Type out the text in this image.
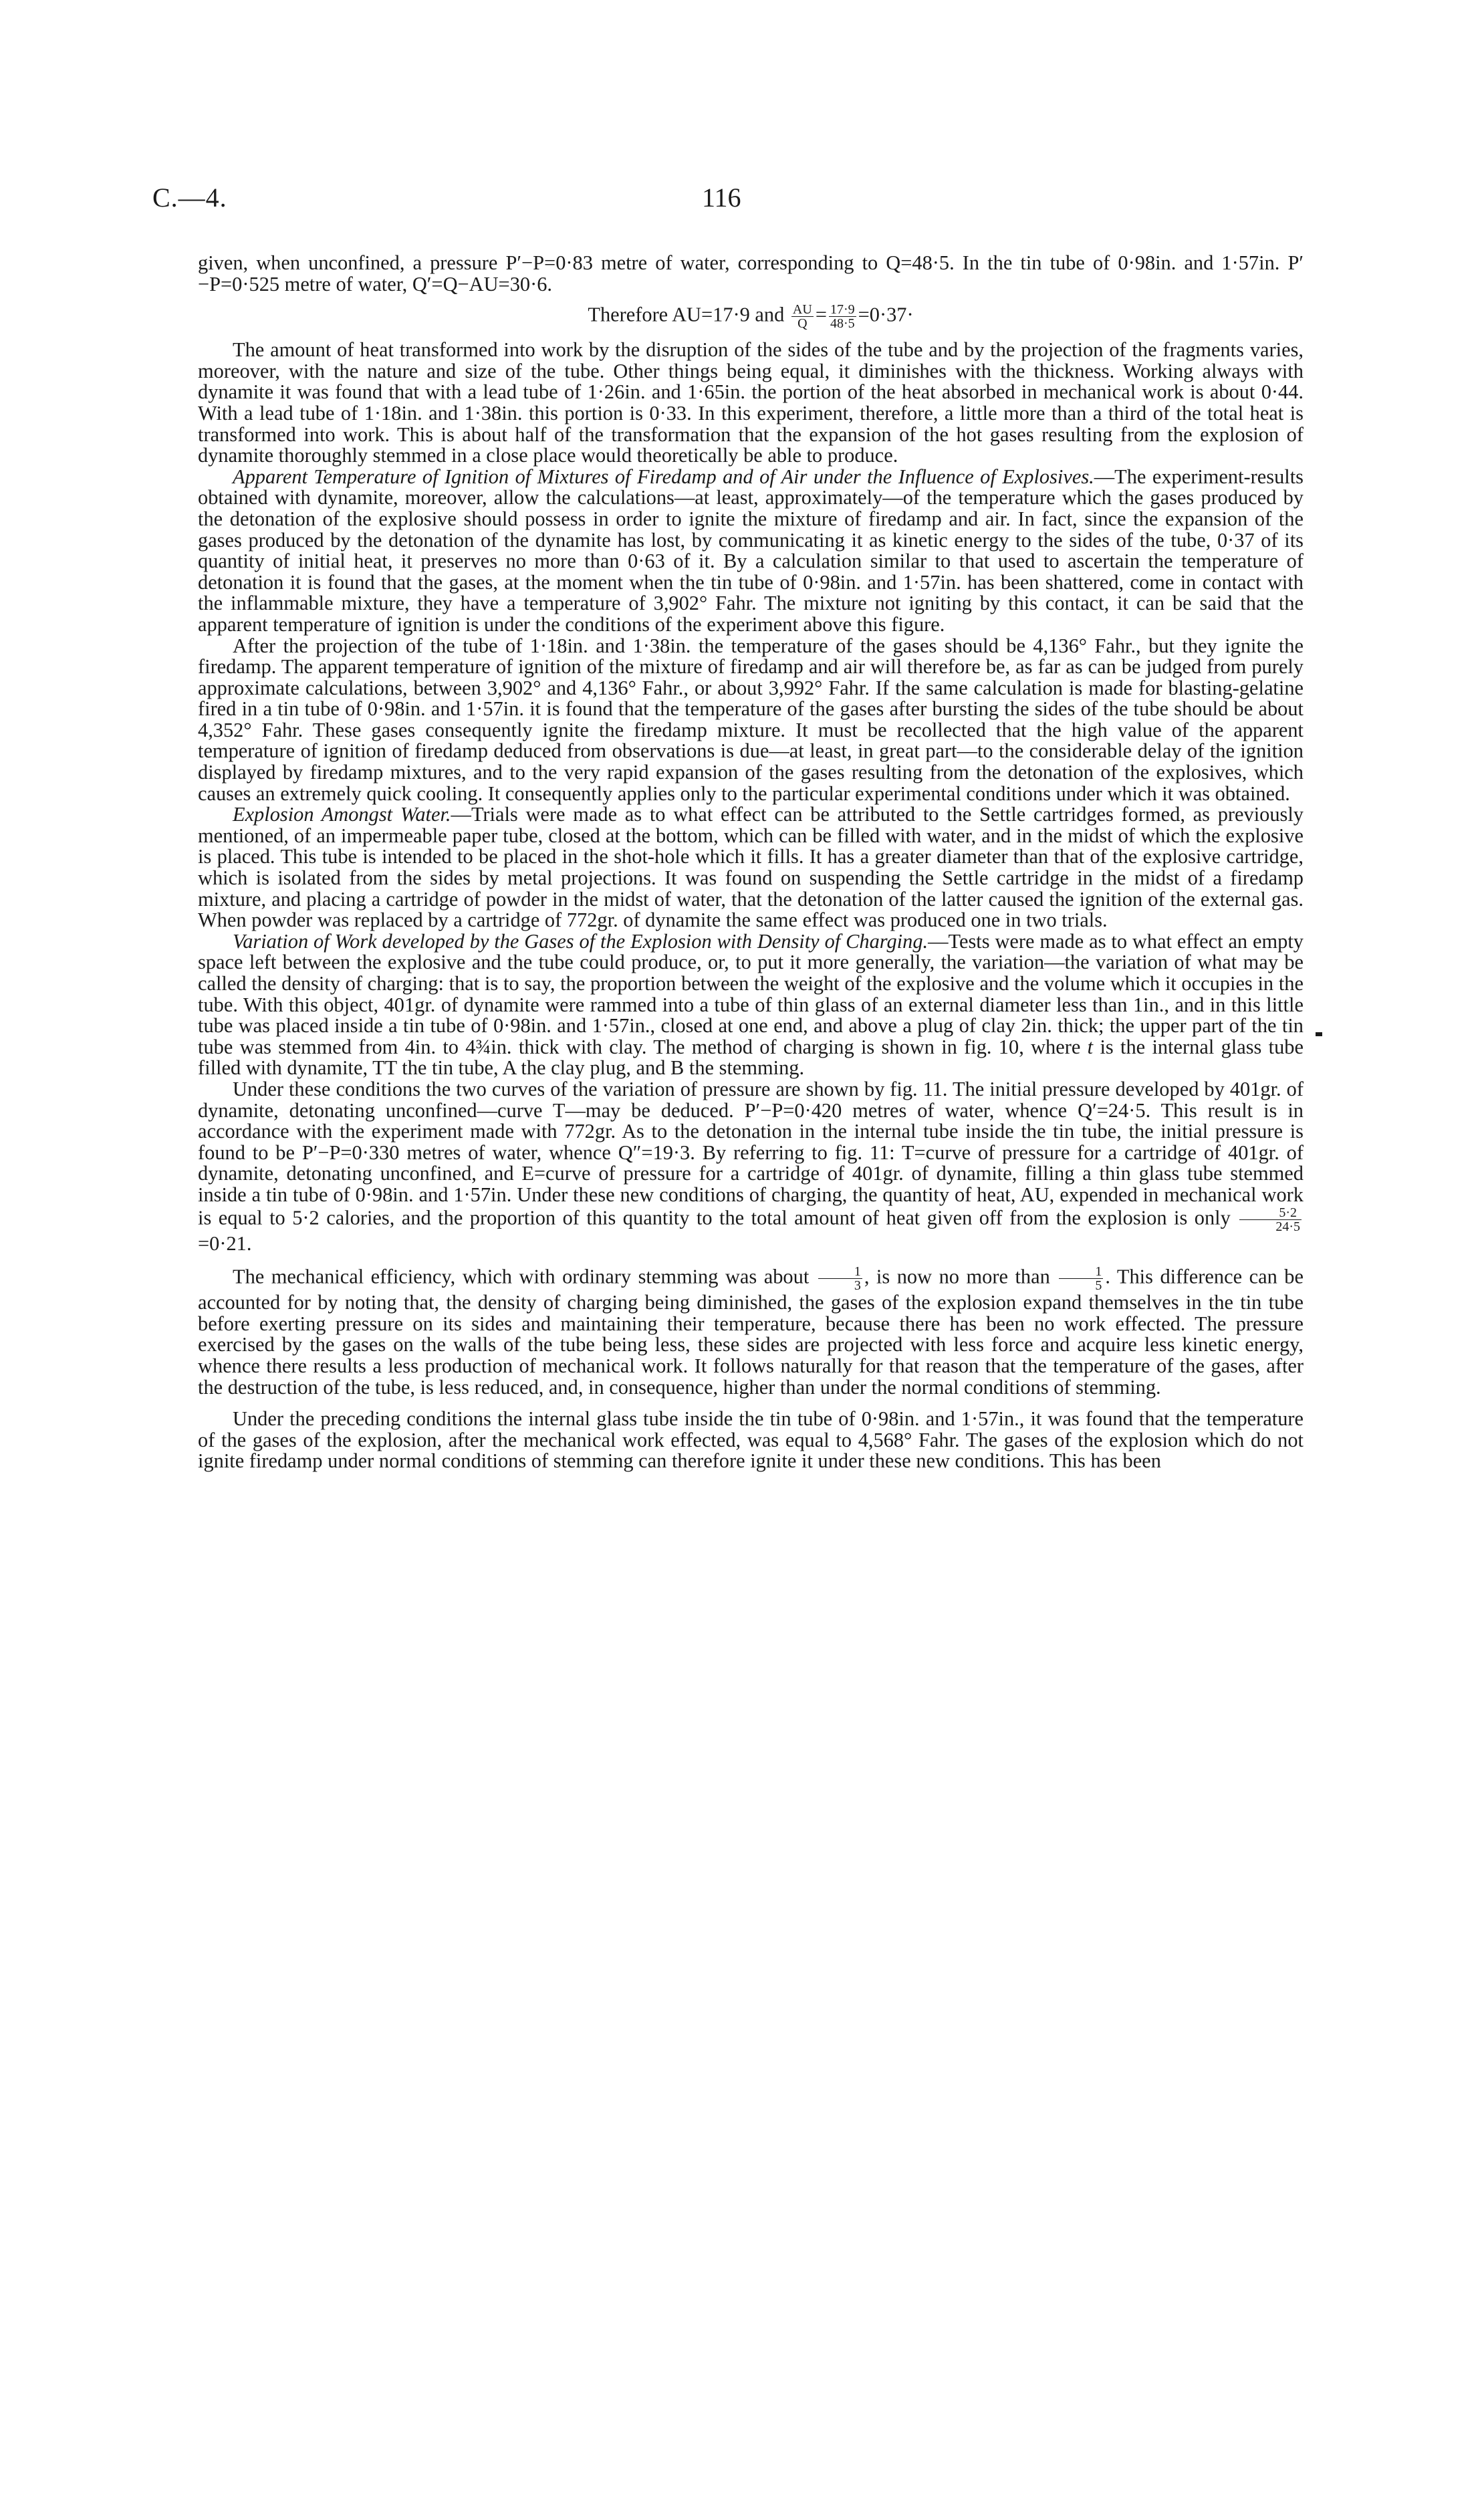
C.—4.	116

given, when unconfined, a pressure P′−P=0·83 metre of water, corresponding to Q=48·5. In the tin tube of 0·98in. and 1·57in. P′−P=0·525 metre of water, Q′=Q−AU=30·6.

Therefore AU=17·9 and $\frac{AU}{Q} = \frac{17\cdot 9}{48\cdot 5} =0\cdot 37\cdot$

The amount of heat transformed into work by the disruption of the sides of the tube and by the projection of the fragments varies, moreover, with the nature and size of the tube. Other things being equal, it diminishes with the thickness. Working always with dynamite it was found that with a lead tube of 1·26in. and 1·65in. the portion of the heat absorbed in mechanical work is about 0·44. With a lead tube of 1·18in. and 1·38in. this portion is 0·33. In this experiment, therefore, a little more than a third of the total heat is transformed into work. This is about half of the transformation that the expansion of the hot gases resulting from the explosion of dynamite thoroughly stemmed in a close place would theoretically be able to produce.

Apparent Temperature of Ignition of Mixtures of Firedamp and of Air under the Influence of Explosives.—The experiment-results obtained with dynamite, moreover, allow the calculations—at least, approximately—of the temperature which the gases produced by the detonation of the explosive should possess in order to ignite the mixture of firedamp and air. In fact, since the expansion of the gases produced by the detonation of the dynamite has lost, by communicating it as kinetic energy to the sides of the tube, 0·37 of its quantity of initial heat, it preserves no more than 0·63 of it. By a calculation similar to that used to ascertain the temperature of detonation it is found that the gases, at the moment when the tin tube of 0·98in. and 1·57in. has been shattered, come in contact with the inflammable mixture, they have a temperature of 3,902° Fahr. The mixture not igniting by this contact, it can be said that the apparent temperature of ignition is under the conditions of the experiment above this figure.

After the projection of the tube of 1·18in. and 1·38in. the temperature of the gases should be 4,136° Fahr., but they ignite the firedamp. The apparent temperature of ignition of the mixture of firedamp and air will therefore be, as far as can be judged from purely approximate calculations, between 3,902° and 4,136° Fahr., or about 3,992° Fahr. If the same calculation is made for blasting-gelatine fired in a tin tube of 0·98in. and 1·57in. it is found that the temperature of the gases after bursting the sides of the tube should be about 4,352° Fahr. These gases consequently ignite the firedamp mixture. It must be recollected that the high value of the apparent temperature of ignition of firedamp deduced from observations is due—at least, in great part—to the considerable delay of the ignition displayed by firedamp mixtures, and to the very rapid expansion of the gases resulting from the detonation of the explosives, which causes an extremely quick cooling. It consequently applies only to the particular experimental conditions under which it was obtained.

Explosion Amongst Water.—Trials were made as to what effect can be attributed to the Settle cartridges formed, as previously mentioned, of an impermeable paper tube, closed at the bottom, which can be filled with water, and in the midst of which the explosive is placed. This tube is intended to be placed in the shot-hole which it fills. It has a greater diameter than that of the explosive cartridge, which is isolated from the sides by metal projections. It was found on suspending the Settle cartridge in the midst of a firedamp mixture, and placing a cartridge of powder in the midst of water, that the detonation of the latter caused the ignition of the external gas. When powder was replaced by a cartridge of 772gr. of dynamite the same effect was produced one in two trials.

Variation of Work developed by the Gases of the Explosion with Density of Charging.—Tests were made as to what effect an empty space left between the explosive and the tube could produce, or, to put it more generally, the variation—the variation of what may be called the density of charging: that is to say, the proportion between the weight of the explosive and the volume which it occupies in the tube. With this object, 401gr. of dynamite were rammed into a tube of thin glass of an external diameter less than 1in., and in this little tube was placed inside a tin tube of 0·98in. and 1·57in., closed at one end, and above a plug of clay 2in. thick; the upper part of the tin tube was stemmed from 4in. to 4¾in. thick with clay. The method of charging is shown in fig. 10, where t is the internal glass tube filled with dynamite, TT the tin tube, A the clay plug, and B the stemming.

Under these conditions the two curves of the variation of pressure are shown by fig. 11. The initial pressure developed by 401gr. of dynamite, detonating unconfined—curve T—may be deduced. P′−P=0·420 metres of water, whence Q′=24·5. This result is in accordance with the experiment made with 772gr. As to the detonation in the internal tube inside the tin tube, the initial pressure is found to be P′−P=0·330 metres of water, whence Q″=19·3. By referring to fig. 11: T=curve of pressure for a cartridge of 401gr. of dynamite, detonating unconfined, and E=curve of pressure for a cartridge of 401gr. of dynamite, filling a thin glass tube stemmed inside a tin tube of 0·98in. and 1·57in. Under these new conditions of charging, the quantity of heat, AU, expended in mechanical work is equal to 5·2 calories, and the proportion of this quantity to the total amount of heat given off from the explosion is only $\frac{5\cdot 2}{24\cdot 5}$
=0·21.

The mechanical efficiency, which with ordinary stemming was about $\frac{1}{3}$ , is now no more than $\frac{1}{5}$ . This difference can be accounted for by noting that, the density of charging being diminished, the gases of the explosion expand themselves in the tin tube before exerting pressure on its sides and maintaining their temperature, because there has been no work effected. The pressure exercised by the gases on the walls of the tube being less, these sides are projected with less force and acquire less kinetic energy, whence there results a less production of mechanical work. It follows naturally for that reason that the temperature of the gases, after the destruction of the tube, is less reduced, and, in consequence, higher than under the normal conditions of stemming.

Under the preceding conditions the internal glass tube inside the tin tube of 0·98in. and 1·57in., it was found that the temperature of the gases of the explosion, after the mechanical work effected, was equal to 4,568° Fahr. The gases of the explosion which do not ignite firedamp under normal conditions of stemming can therefore ignite it under these new conditions. This has been
